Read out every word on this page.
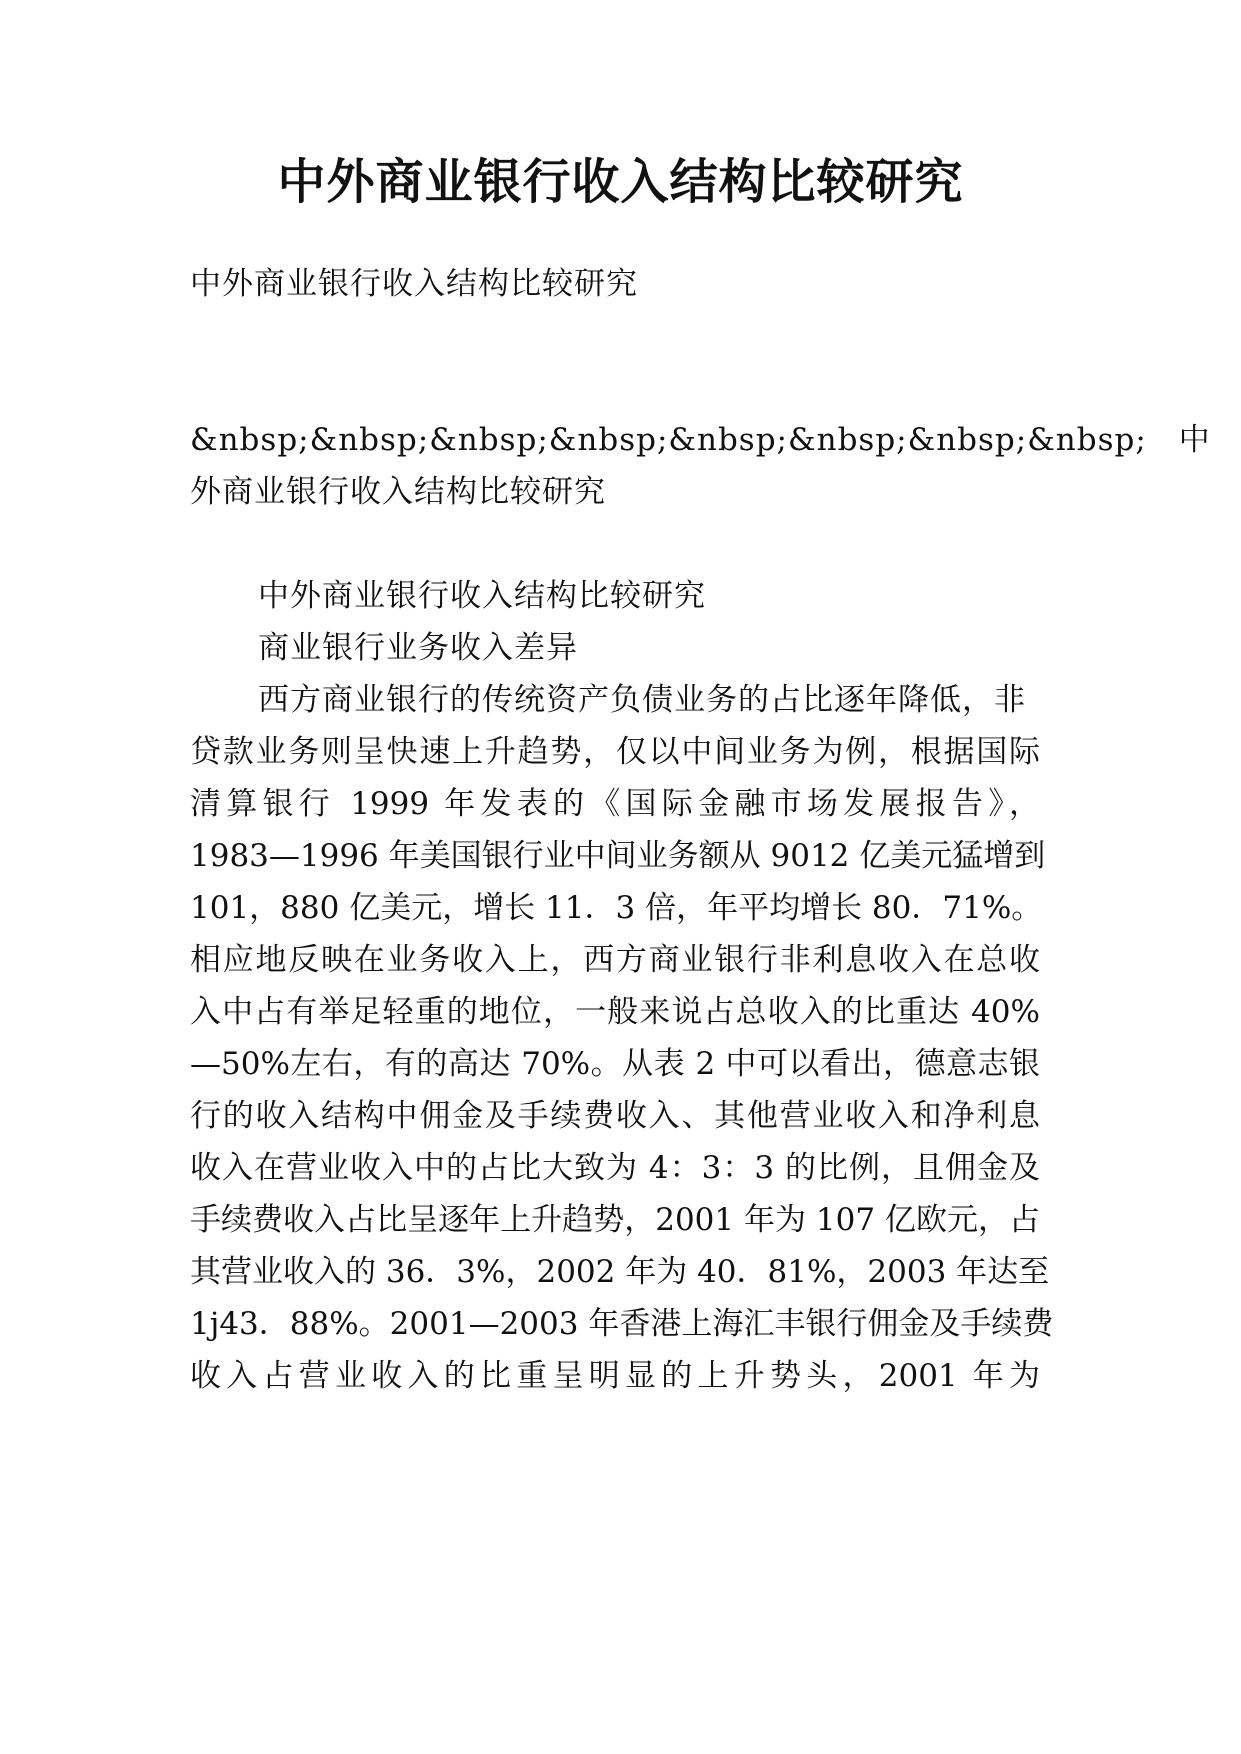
中外商业银行收入结构比较研究
中外商业银行收入结构比较研究
&nbsp;&nbsp;&nbsp;&nbsp;&nbsp;&nbsp;&nbsp;&nbsp;　中
外商业银行收入结构比较研究
中外商业银行收入结构比较研究
商业银行业务收入差异
西方商业银行的传统资产负债业务的占比逐年降低，非
贷款业务则呈快速上升趋势，仅以中间业务为例，根据国际
清算银行 1999 年发表的《国际金融市场发展报告》，
1983—1996 年美国银行业中间业务额从 9012 亿美元猛增到
101，880 亿美元，增长 11．3 倍，年平均增长 80．71%。
相应地反映在业务收入上，西方商业银行非利息收入在总收
入中占有举足轻重的地位，一般来说占总收入的比重达 40%
—50%左右，有的高达 70%。从表 2 中可以看出，德意志银
行的收入结构中佣金及手续费收入、其他营业收入和净利息
收入在营业收入中的占比大致为 4：3：3 的比例，且佣金及
手续费收入占比呈逐年上升趋势，2001 年为 107 亿欧元，占
其营业收入的 36．3%，2002 年为 40．81%，2003 年达至
1j43．88%。2001—2003 年香港上海汇丰银行佣金及手续费
收入占营业收入的比重呈明显的上升势头，2001 年为
